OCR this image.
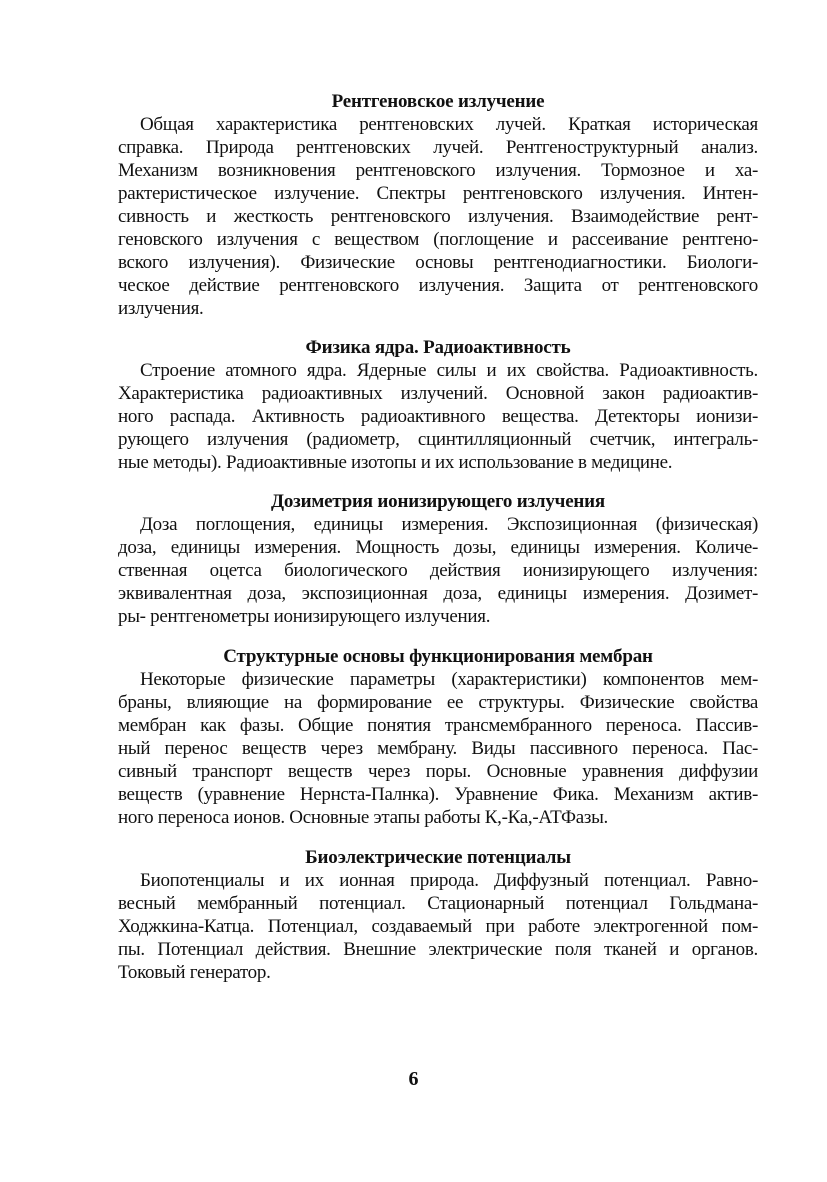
Рентгеновское излучение

Общая характеристика рентгеновских лучей. Краткая историческая
справка. Природа рентгеновских лучей. Рентгеноструктурный анализ.
Механизм возникновения рентгеновского излучения. Тормозное и ха-
рактеристическое излучение. Спектры рентгеновского излучения. Интен-
сивность и жесткость рентгеновского излучения. Взаимодействие рент-
геновского излучения с веществом (поглощение и рассеивание рентгено-
вского излучения). Физические основы рентгенодиагностики. Биологи-
ческое действие рентгеновского излучения. Защита от рентгеновского
излучения.

Физика ядра. Радиоактивность

Строение атомного ядра. Ядерные силы и их свойства. Радиоактивность.
Характеристика радиоактивных излучений. Основной закон радиоактив-
ного распада. Активность радиоактивного вещества. Детекторы ионизи-
рующего излучения (радиометр, сцинтилляционный счетчик, интеграль-
ные методы). Радиоактивные изотопы и их использование в медицине.

Дозиметрия ионизирующего излучения

Доза поглощения, единицы измерения. Экспозиционная (физическая)
доза, единицы измерения. Мощность дозы, единицы измерения. Количе-
ственная оцетса биологического действия ионизирующего излучения:
эквивалентная доза, экспозиционная доза, единицы измерения. Дозимет-
ры- рентгенометры ионизирующего излучения.

Структурные основы функционирования мембран

Некоторые физические параметры (характеристики) компонентов мем-
браны, влияющие на формирование ее структуры. Физические свойства
мембран как фазы. Общие понятия трансмембранного переноса. Пассив-
ный перенос веществ через мембрану. Виды пассивного переноса. Пас-
сивный транспорт веществ через поры. Основные уравнения диффузии
веществ (уравнение Нернста-Палнка). Уравнение Фика. Механизм актив-
ного переноса ионов. Основные этапы работы К,-Ка,-АТФазы.

Биоэлектрические потенциалы

Биопотенциалы и их ионная природа. Диффузный потенциал. Равно-
весный мембранный потенциал. Стационарный потенциал Гольдмана-
Ходжкина-Катца. Потенциал, создаваемый при работе электрогенной пом-
пы. Потенциал действия. Внешние электрические поля тканей и органов.
Токовый генератор.
6
